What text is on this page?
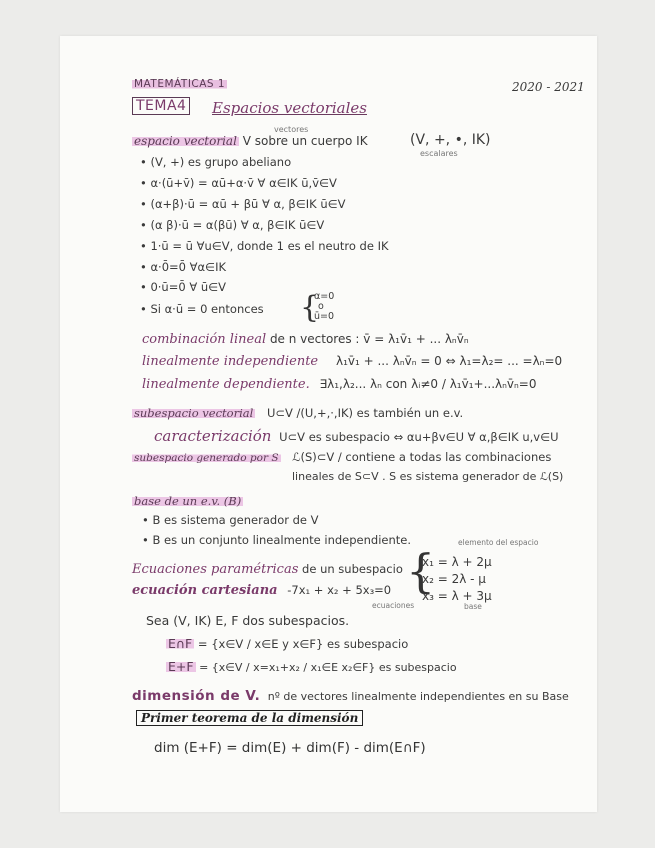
MATEMÁTICAS 1	2020 - 2021
TEMA4 Espacios vectoriales
espacio vectorial V sobre un cuerpo IK
vectores
(V, +, •, IK)
escalares
• (V, +) es grupo abeliano
• α·(ū+v̄) = αū+α·v̄ ∀ α∈IK ū,v̄∈V
• (α+β)·ū = αū + βū ∀ α, β∈IK ū∈V
• (α β)·ū = α(βū) ∀ α, β∈IK ū∈V
• 1·ū = ū ∀u∈V, donde 1 es el neutro de IK
• α·0̄=0̄ ∀α∈IK
• 0·ū=0̄ ∀ ū∈V
• Si α·ū = 0 entonces {
α=0
o
ū=0
combinación lineal de n vectores : v̄ = λ₁v̄₁ + ... λₙv̄ₙ
linealmente independiente λ₁v̄₁ + ... λₙv̄ₙ = 0 ⇔ λ₁=λ₂= ... =λₙ=0
linealmente dependiente. ∃λ₁,λ₂... λₙ con λᵢ≠0 / λ₁v̄₁+...λₙv̄ₙ=0
subespacio vectorial U⊂V /(U,+,·,IK) es también un e.v.
caracterización U⊂V es subespacio ⇔ αu+βv∈U ∀ α,β∈IK u,v∈U
subespacio generado por S ℒ(S)⊂V / contiene a todas las combinaciones
lineales de S⊂V . S es sistema generador de ℒ(S)
base de un e.v. (B)
• B es sistema generador de V
• B es un conjunto linealmente independiente.	elemento del espacio
Ecuaciones paramétricas de un subespacio
ecuación cartesiana -7x₁ + x₂ + 5x₃=0 {
x₁ = λ + 2μ
x₂ = 2λ - μ
x₃ = λ + 3μ
ecuaciones	base
Sea (V, IK) E, F dos subespacios.
E∩F = {x∈V / x∈E y x∈F} es subespacio
E+F = {x∈V / x=x₁+x₂ / x₁∈E x₂∈F} es subespacio
dimensión de V. nº de vectores linealmente independientes en su Base
Primer teorema de la dimensión
dim (E+F) = dim(E) + dim(F) - dim(E∩F)
